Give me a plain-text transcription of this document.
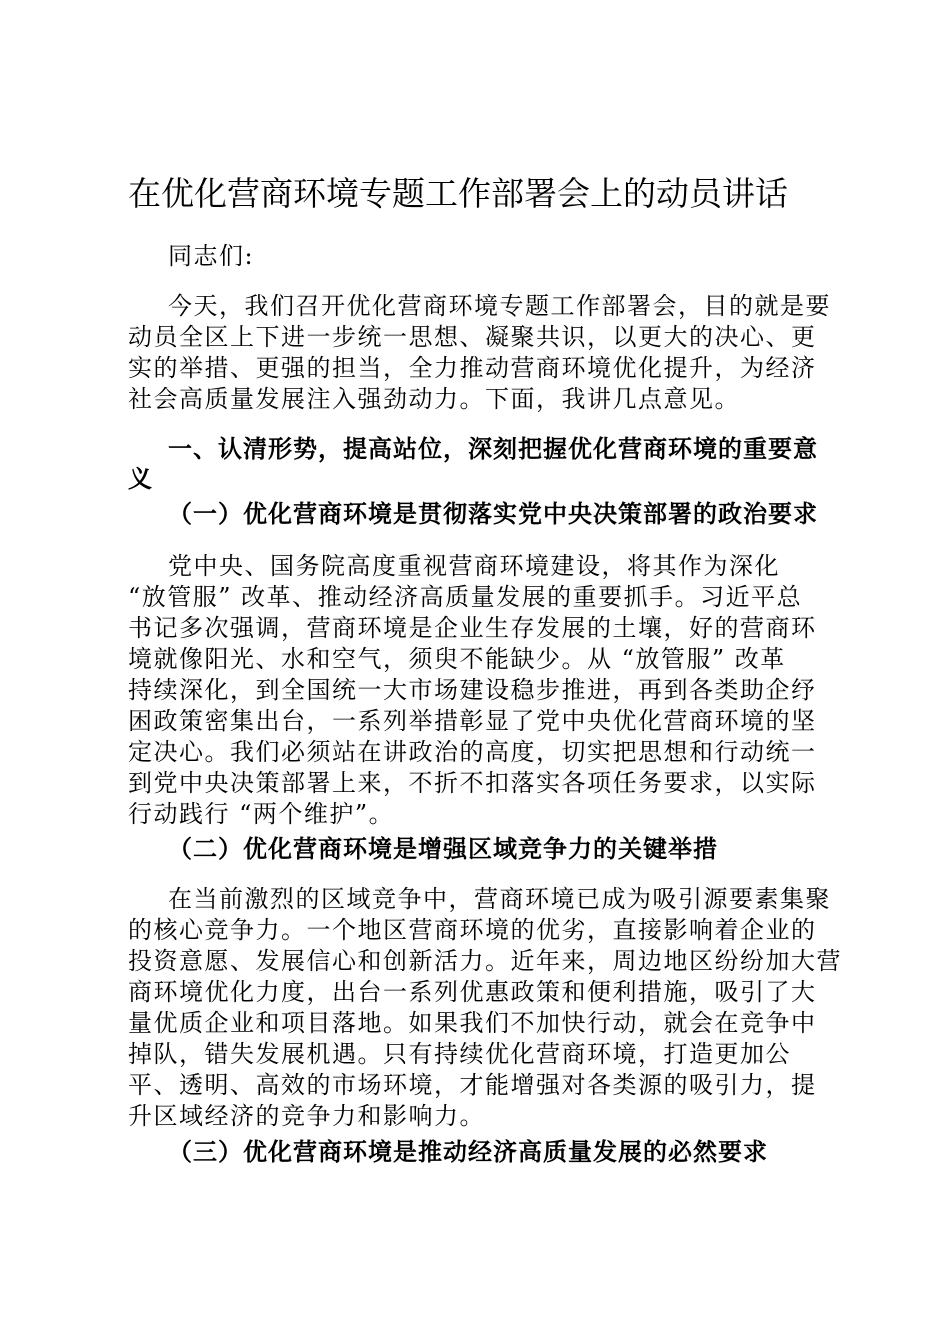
在优化营商环境专题工作部署会上的动员讲话

同志们:

今天，我们召开优化营商环境专题工作部署会，目的就是要

动员全区上下进一步统一思想、凝聚共识，以更大的决心、更

实的举措、更强的担当，全力推动营商环境优化提升，为经济

社会高质量发展注入强劲动力。下面，我讲几点意见。

一、认清形势，提高站位，深刻把握优化营商环境的重要意

义

（一）优化营商环境是贯彻落实党中央决策部署的政治要求

党中央、国务院高度重视营商环境建设，将其作为深化

“放管服” 改革、推动经济高质量发展的重要抓手。习近平总

书记多次强调，营商环境是企业生存发展的土壤，好的营商环

境就像阳光、水和空气，须臾不能缺少。从 “放管服” 改革

持续深化，到全国统一大市场建设稳步推进，再到各类助企纾

困政策密集出台，一系列举措彰显了党中央优化营商环境的坚

定决心。我们必须站在讲政治的高度，切实把思想和行动统一

到党中央决策部署上来，不折不扣落实各项任务要求，以实际

行动践行 “两个维护”。

（二）优化营商环境是增强区域竞争力的关键举措

在当前激烈的区域竞争中，营商环境已成为吸引源要素集聚

的核心竞争力。一个地区营商环境的优劣，直接影响着企业的

投资意愿、发展信心和创新活力。近年来，周边地区纷纷加大营

商环境优化力度，出台一系列优惠政策和便利措施，吸引了大

量优质企业和项目落地。如果我们不加快行动，就会在竞争中

掉队，错失发展机遇。只有持续优化营商环境，打造更加公

平、透明、高效的市场环境，才能增强对各类源的吸引力，提

升区域经济的竞争力和影响力。

（三）优化营商环境是推动经济高质量发展的必然要求
